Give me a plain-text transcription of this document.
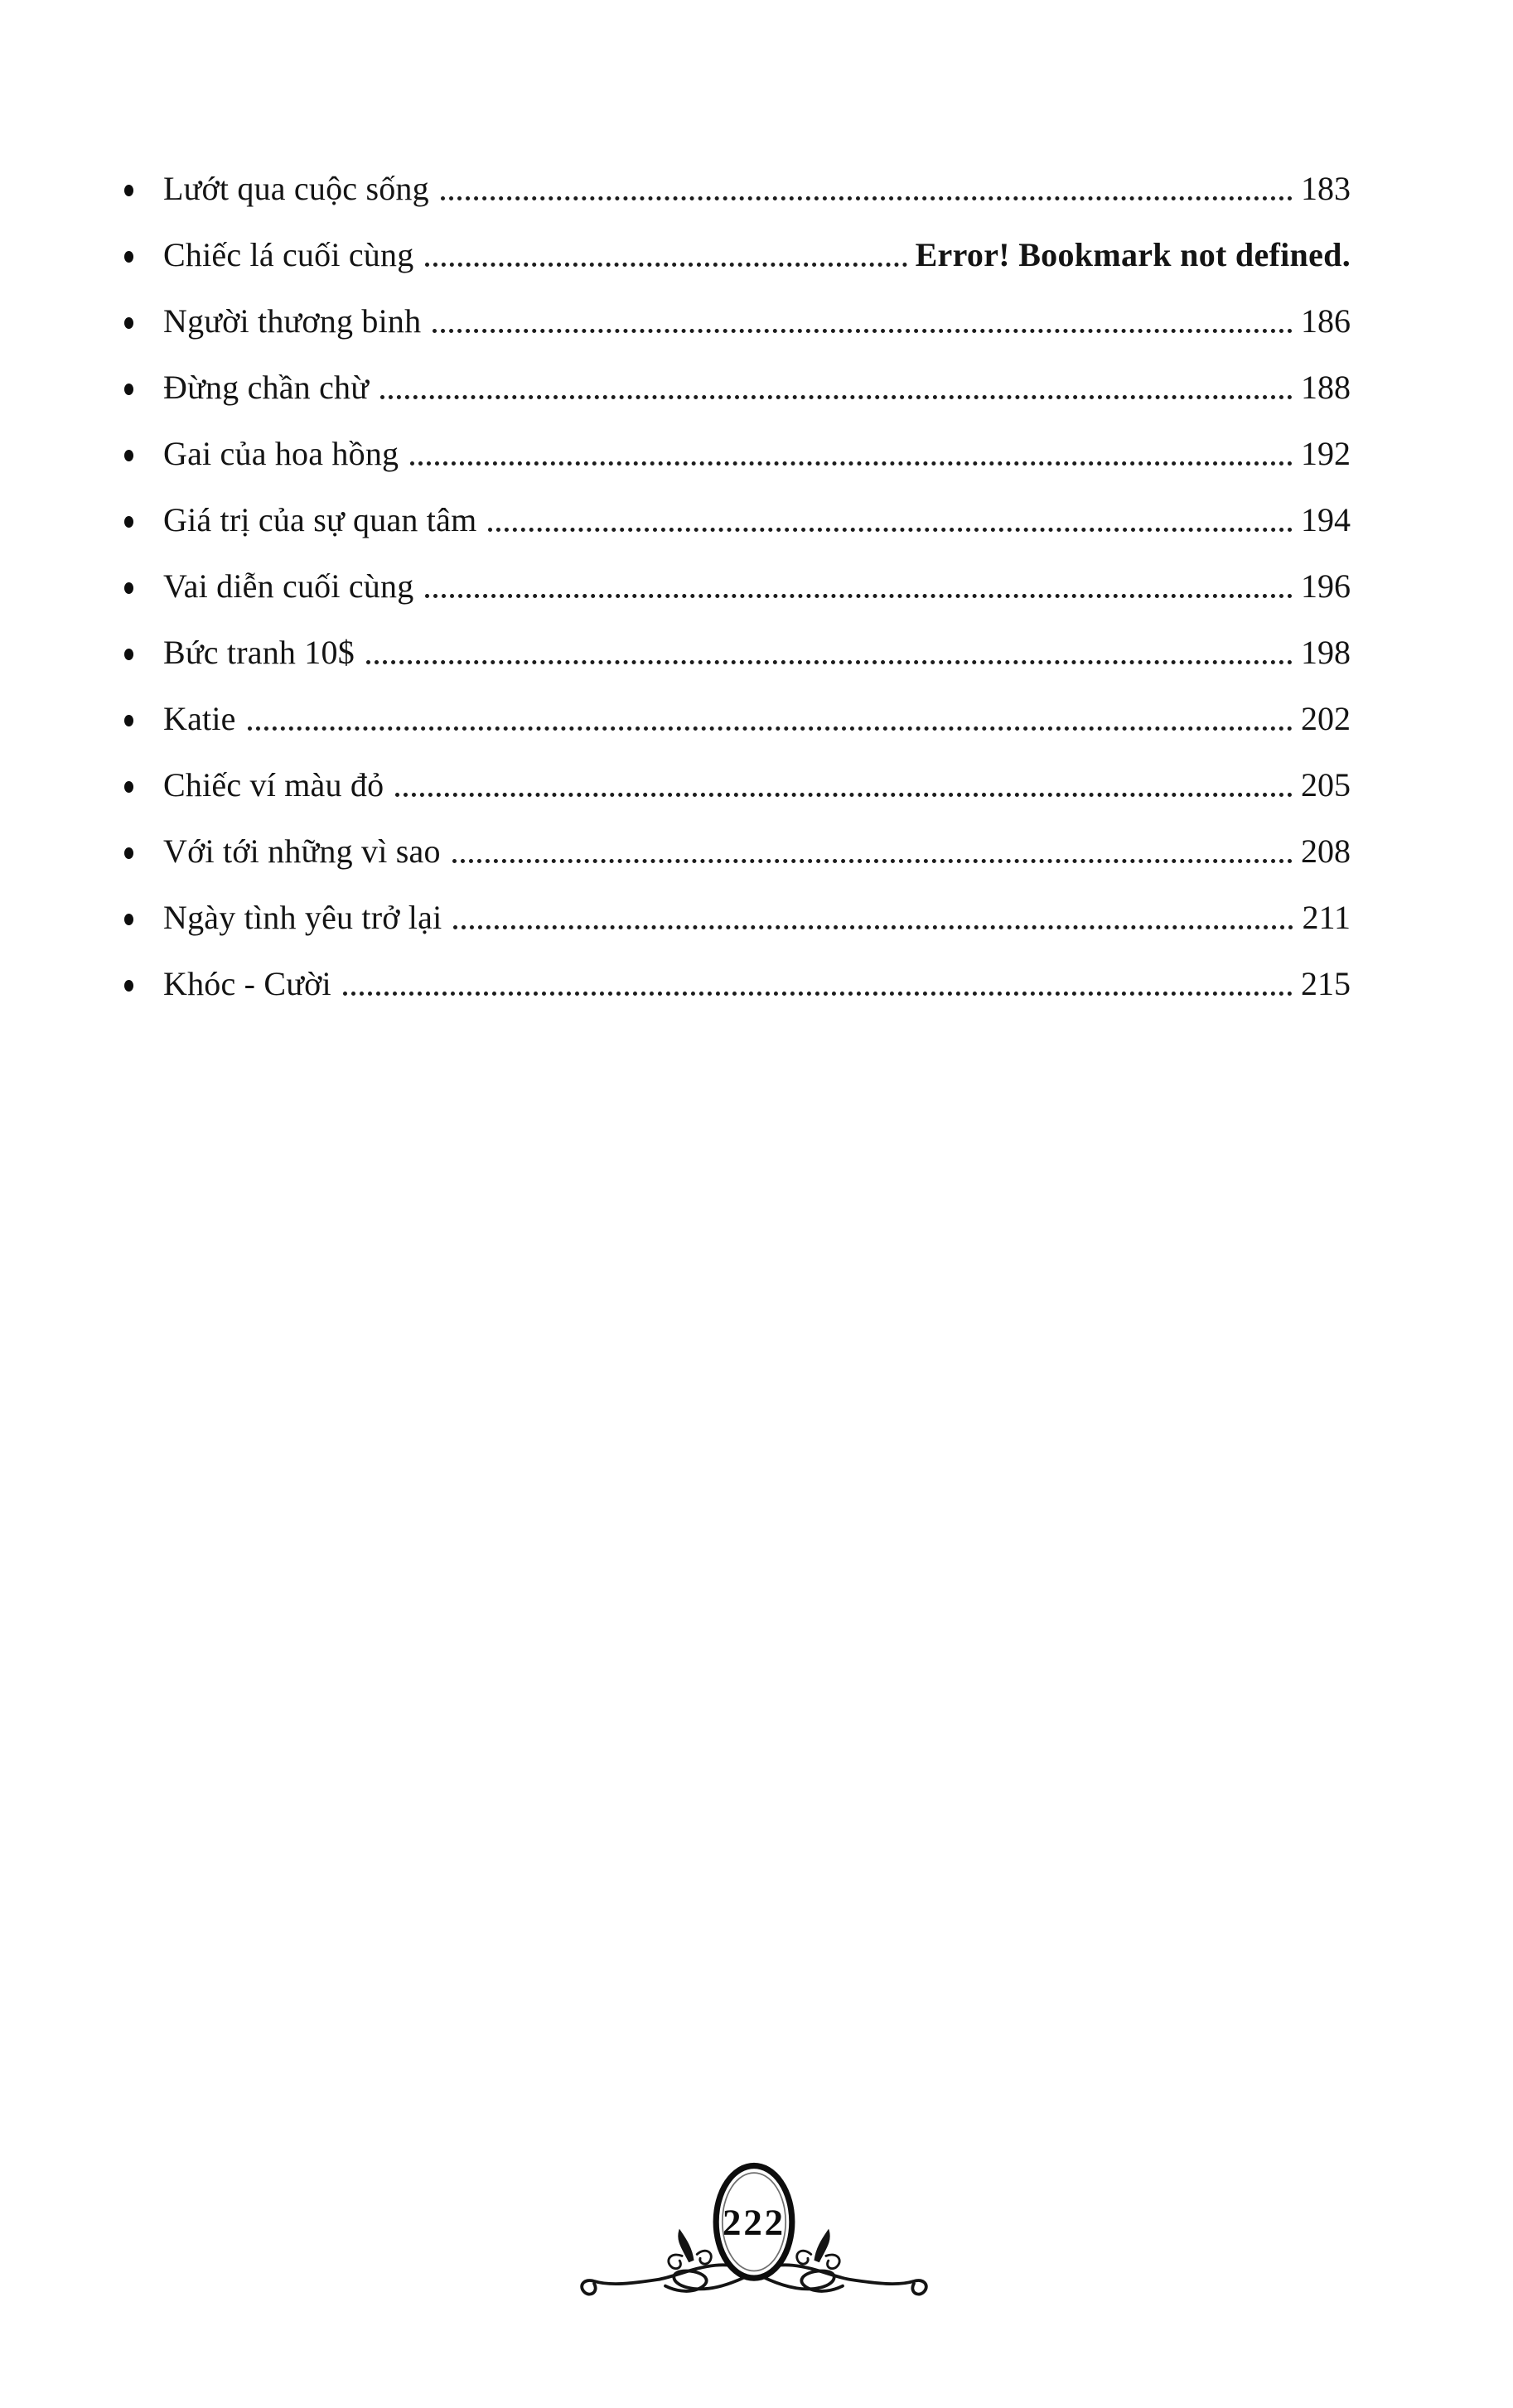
Lướt qua cuộc sống	183
Chiếc lá cuối cùng	Error! Bookmark not defined.
Người thương binh	186
Đừng chần chừ	188
Gai của hoa hồng	192
Giá trị của sự quan tâm	194
Vai diễn cuối cùng	196
Bức tranh 10$	198
Katie	202
Chiếc ví màu đỏ	205
Với tới những vì sao	208
Ngày tình yêu trở lại	211
Khóc - Cười	215
222
